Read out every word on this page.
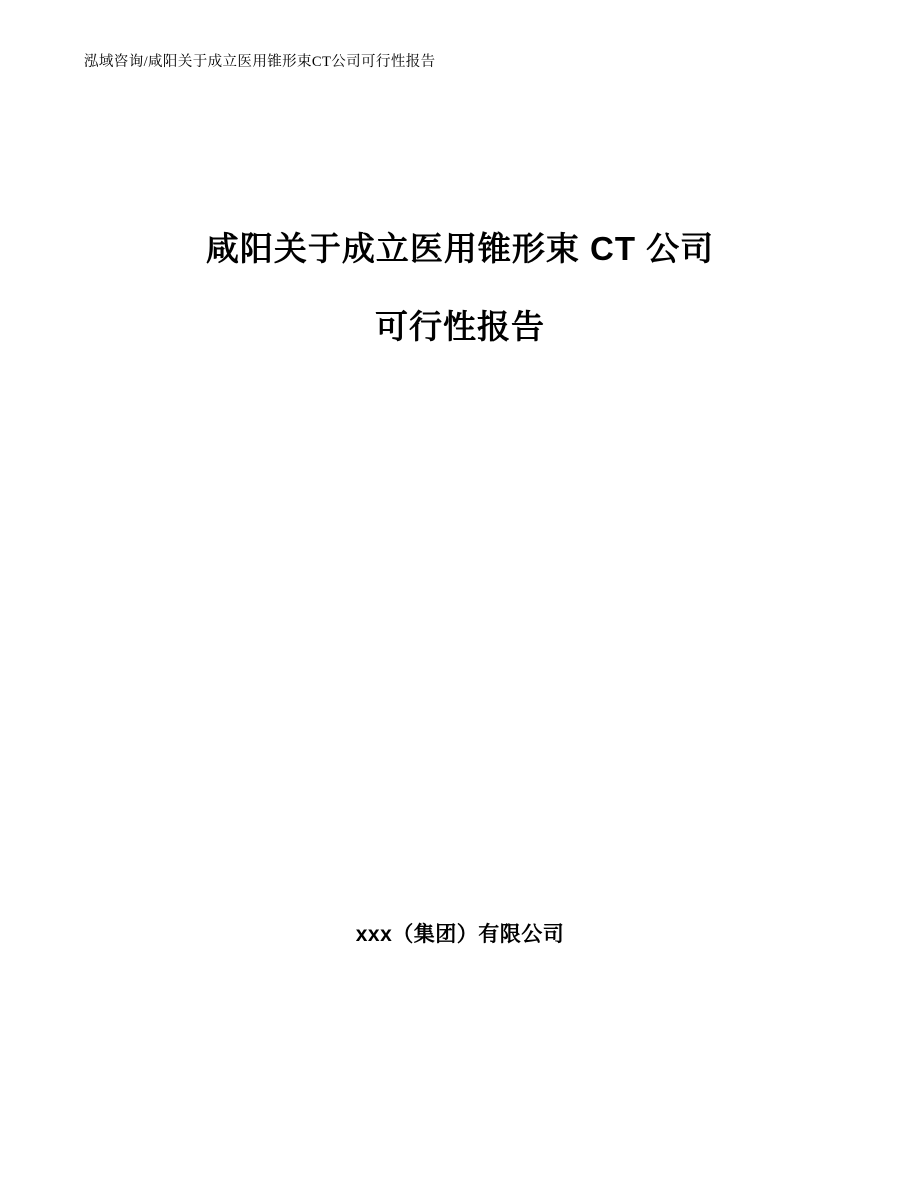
泓域咨询/咸阳关于成立医用锥形束CT公司可行性报告
咸阳关于成立医用锥形束 CT 公司
可行性报告
xxx（集团）有限公司
